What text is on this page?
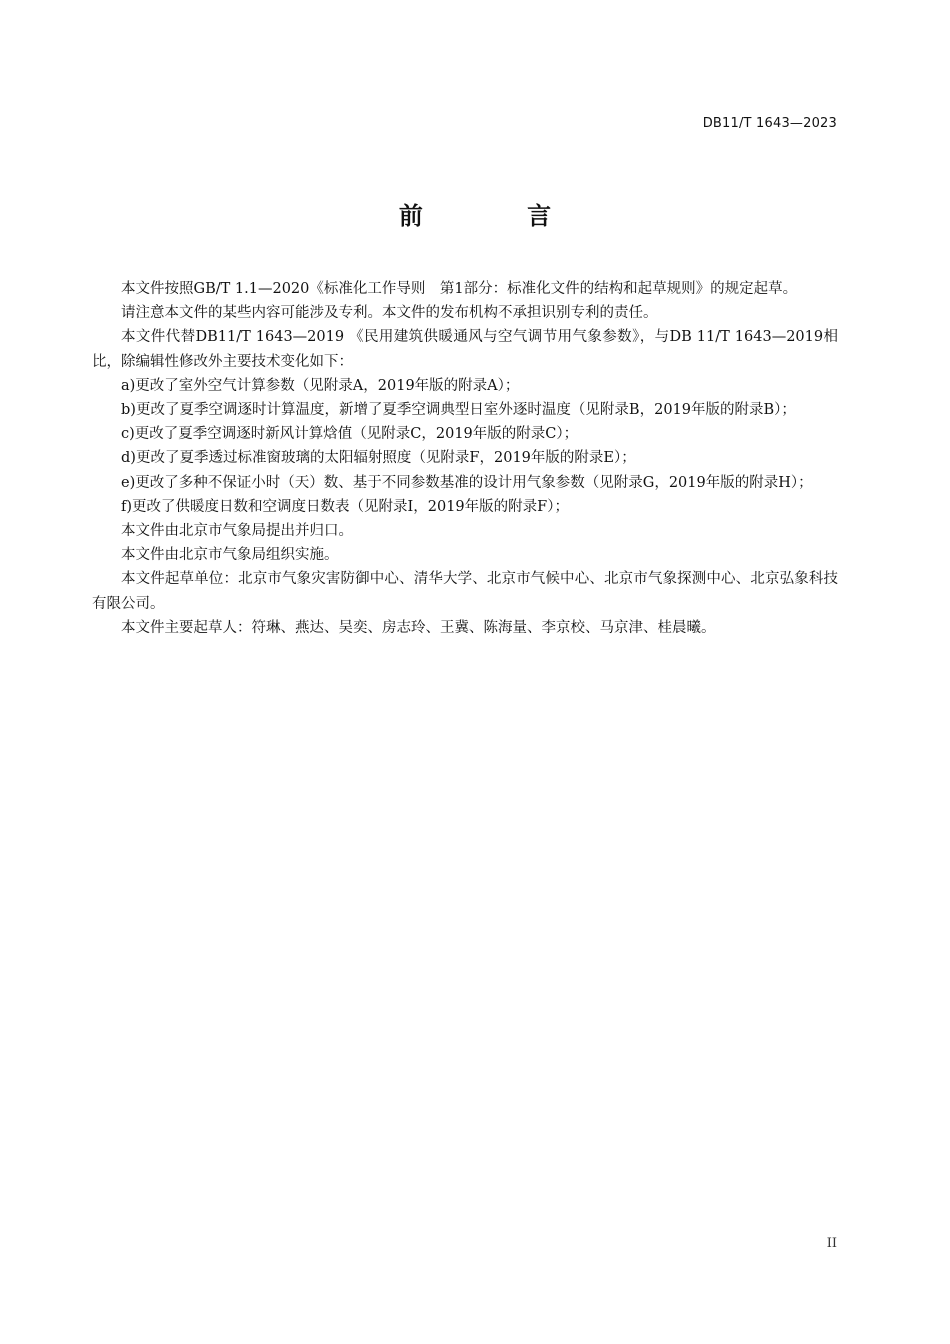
DB11/T 1643—2023
前 言

本文件按照GB/T 1.1—2020《标准化工作导则　第1部分：标准化文件的结构和起草规则》的规定起草。

请注意本文件的某些内容可能涉及专利。本文件的发布机构不承担识别专利的责任。

本文件代替DB11/T 1643—2019 《民用建筑供暖通风与空气调节用气象参数》，与DB 11/T 1643—2019相比，除编辑性修改外主要技术变化如下：

a)更改了室外空气计算参数（见附录A，2019年版的附录A）；

b)更改了夏季空调逐时计算温度，新增了夏季空调典型日室外逐时温度（见附录B，2019年版的附录B）；

c)更改了夏季空调逐时新风计算焓值（见附录C，2019年版的附录C）；

d)更改了夏季透过标准窗玻璃的太阳辐射照度（见附录F，2019年版的附录E）；

e)更改了多种不保证小时（天）数、基于不同参数基准的设计用气象参数（见附录G，2019年版的附录H）；

f)更改了供暖度日数和空调度日数表（见附录I，2019年版的附录F）；

本文件由北京市气象局提出并归口。

本文件由北京市气象局组织实施。

本文件起草单位：北京市气象灾害防御中心、清华大学、北京市气候中心、北京市气象探测中心、北京弘象科技有限公司。

本文件主要起草人：符琳、燕达、吴奕、房志玲、王冀、陈海量、李京校、马京津、桂晨曦。

II
